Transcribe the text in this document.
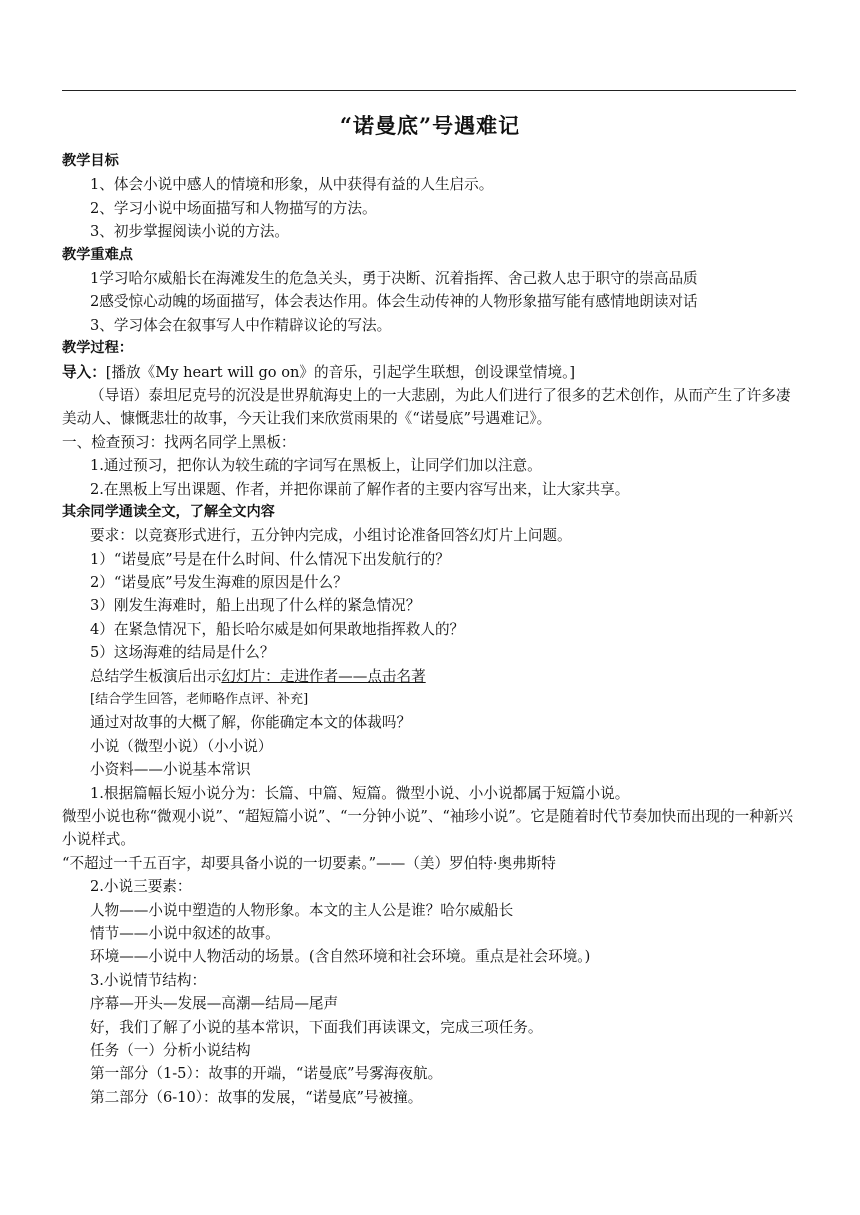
“诺曼底”号遇难记
教学目标
1、体会小说中感人的情境和形象，从中获得有益的人生启示。
2、学习小说中场面描写和人物描写的方法。
3、初步掌握阅读小说的方法。
教学重难点
1学习哈尔威船长在海滩发生的危急关头，勇于决断、沉着指挥、舍己救人忠于职守的崇高品质
2感受惊心动魄的场面描写，体会表达作用。体会生动传神的人物形象描写能有感情地朗读对话
3、学习体会在叙事写人中作精辟议论的写法。
教学过程：
导入：[播放《My heart will go on》的音乐，引起学生联想，创设课堂情境。]
（导语）泰坦尼克号的沉没是世界航海史上的一大悲剧，为此人们进行了很多的艺术创作，从而产生了许多凄美动人、慷慨悲壮的故事，今天让我们来欣赏雨果的《“诺曼底”号遇难记》。
一、检查预习：找两名同学上黑板：
1.通过预习，把你认为较生疏的字词写在黑板上，让同学们加以注意。
2.在黑板上写出课题、作者，并把你课前了解作者的主要内容写出来，让大家共享。
其余同学通读全文，了解全文内容
要求：以竞赛形式进行，五分钟内完成，小组讨论准备回答幻灯片上问题。
1）“诺曼底”号是在什么时间、什么情况下出发航行的？
2）“诺曼底”号发生海难的原因是什么？
3）刚发生海难时，船上出现了什么样的紧急情况？
4）在紧急情况下，船长哈尔威是如何果敢地指挥救人的？
5）这场海难的结局是什么？
总结学生板演后出示幻灯片：走进作者——点击名著
[结合学生回答，老师略作点评、补充]
通过对故事的大概了解，你能确定本文的体裁吗？
小说（微型小说）（小小说）
小资料——小说基本常识
1.根据篇幅长短小说分为：长篇、中篇、短篇。微型小说、小小说都属于短篇小说。
微型小说也称“微观小说”、“超短篇小说”、“一分钟小说”、“袖珍小说”。它是随着时代节奏加快而出现的一种新兴小说样式。
“不超过一千五百字，却要具备小说的一切要素。”——（美）罗伯特·奥弗斯特
2.小说三要素：
人物——小说中塑造的人物形象。本文的主人公是谁？哈尔威船长
情节——小说中叙述的故事。
环境——小说中人物活动的场景。(含自然环境和社会环境。重点是社会环境。)
3.小说情节结构：
序幕—开头—发展—高潮—结局—尾声
好，我们了解了小说的基本常识，下面我们再读课文，完成三项任务。
任务（一）分析小说结构
第一部分（1-5）：故事的开端，“诺曼底”号雾海夜航。
第二部分（6-10）：故事的发展，“诺曼底”号被撞。
